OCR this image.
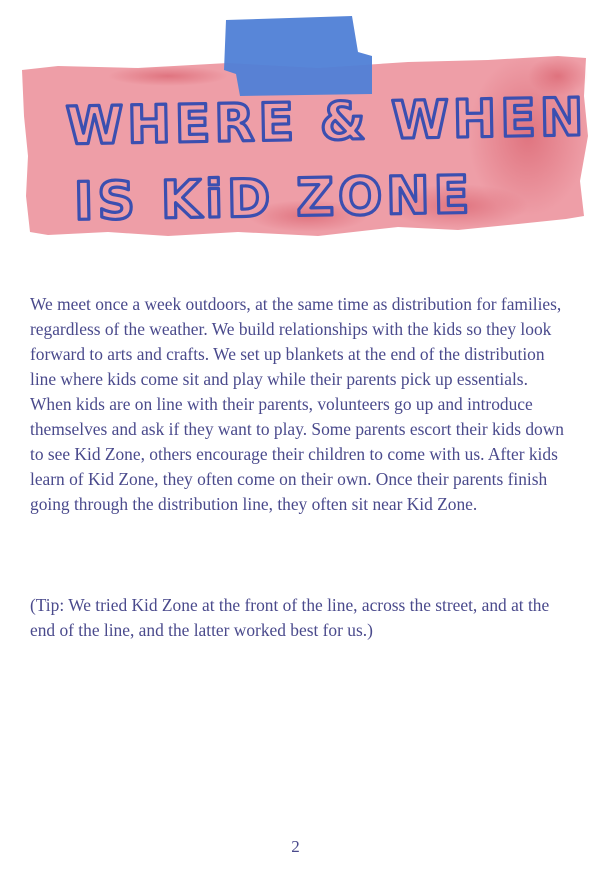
WHERE & WHEN
IS KiD ZONE

We meet once a week outdoors, at the same time as distribution for families, regardless of the weather. We build relationships with the kids so they look forward to arts and crafts. We set up blankets at the end of the distribution line where kids come sit and play while their parents pick up essentials. When kids are on line with their parents, volunteers go up and introduce themselves and ask if they want to play. Some parents escort their kids down to see Kid Zone, others encourage their children to come with us. After kids learn of Kid Zone, they often come on their own. Once their parents finish going through the distribution line, they often sit near Kid Zone.

(Tip: We tried Kid Zone at the front of the line, across the street, and at the end of the line, and the latter worked best for us.)

2
